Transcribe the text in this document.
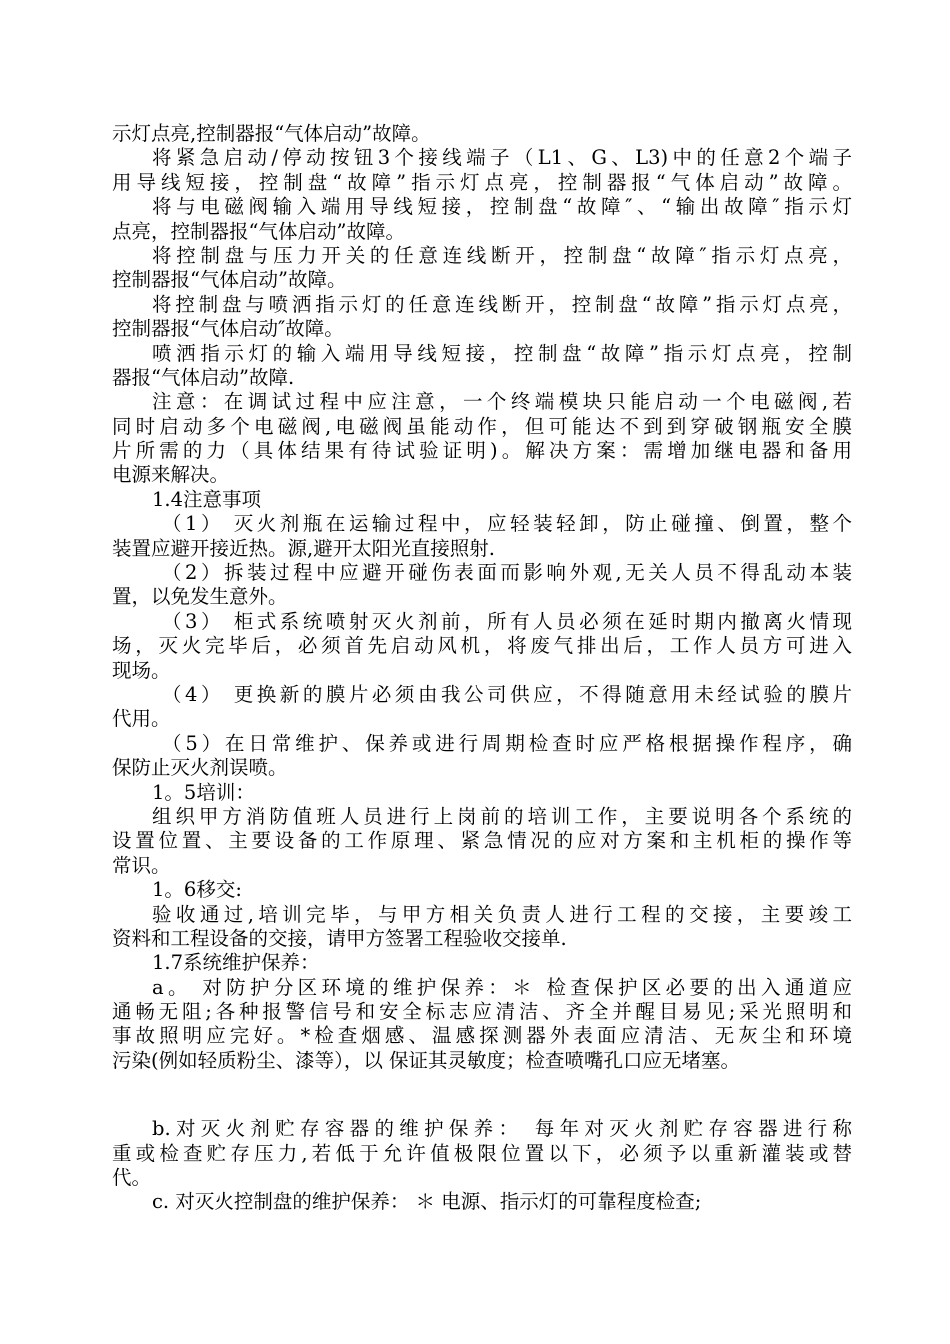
示灯点亮,控制器报“气体启动”故障。
将紧急启动/停动按钮3个接线端子（L1、G、L3)中的任意2个端子
用导线短接，控制盘“故障”指示灯点亮，控制器报“气体启动”故障。
将与电磁阀输入端用导线短接，控制盘“故障″、“输出故障″指示灯
点亮，控制器报“气体启动”故障。
将控制盘与压力开关的任意连线断开，控制盘“故障″指示灯点亮，
控制器报“气体启动”故障。
将控制盘与喷洒指示灯的任意连线断开，控制盘“故障”指示灯点亮，
控制器报“气体启动″故障。
喷洒指示灯的输入端用导线短接，控制盘“故障”指示灯点亮，控制
器报“气体启动”故障.
注意：在调试过程中应注意，一个终端模块只能启动一个电磁阀,若
同时启动多个电磁阀,电磁阀虽能动作，但可能达不到到穿破钢瓶安全膜
片所需的力（具体结果有待试验证明)。解决方案：需增加继电器和备用
电源来解决。
1.4注意事项
（1） 灭火剂瓶在运输过程中，应轻装轻卸，防止碰撞、倒置，整个
装置应避开接近热。源,避开太阳光直接照射.
（2）拆装过程中应避开碰伤表面而影响外观,无关人员不得乱动本装
置，以免发生意外。
（3） 柜式系统喷射灭火剂前，所有人员必须在延时期内撤离火情现
场，灭火完毕后，必须首先启动风机，将废气排出后，工作人员方可进入
现场。
（4） 更换新的膜片必须由我公司供应，不得随意用未经试验的膜片
代用。
（5）在日常维护、保养或进行周期检查时应严格根据操作程序，确
保防止灭火剂误喷。
1。5培训：
组织甲方消防值班人员进行上岗前的培训工作，主要说明各个系统的
设置位置、主要设备的工作原理、紧急情况的应对方案和主机柜的操作等
常识。
1。6移交:
验收通过,培训完毕，与甲方相关负责人进行工程的交接，主要竣工
资料和工程设备的交接，请甲方签署工程验收交接单.
1.7系统维护保养：
a。 对防护分区环境的维护保养：＊ 检查保护区必要的出入通道应
通畅无阻;各种报警信号和安全标志应清洁、齐全并醒目易见;采光照明和
事故照明应完好。*检查烟感、温感探测器外表面应清洁、无灰尘和环境
污染(例如轻质粉尘、漆等），以 保证其灵敏度；检查喷嘴孔口应无堵塞。
b.对灭火剂贮存容器的维护保养： 每年对灭火剂贮存容器进行称
重或检查贮存压力,若低于允许值极限位置以下，必须予以重新灌装或替
代。
c. 对灭火控制盘的维护保养： ＊ 电源、指示灯的可靠程度检查;
